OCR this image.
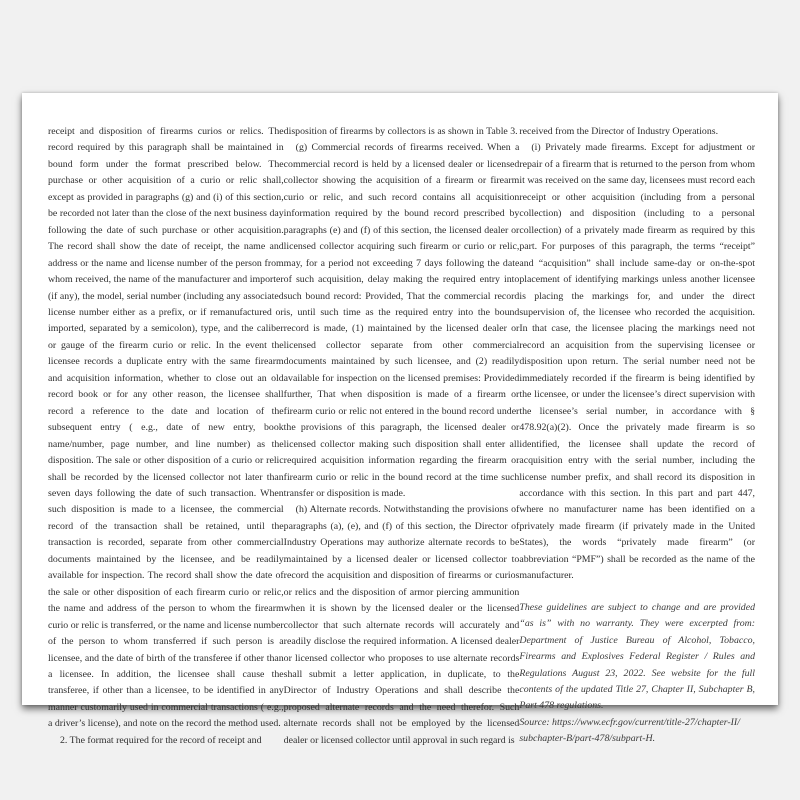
receipt and disposition of firearms curios or relics. The record required by this paragraph shall be maintained in bound form under the format prescribed below. The purchase or other acquisition of a curio or relic shall, except as provided in paragraphs (g) and (i) of this section, be recorded not later than the close of the next business day following the date of such purchase or other acquisition. The record shall show the date of receipt, the name and address or the name and license number of the person from whom received, the name of the manufacturer and importer (if any), the model, serial number (including any associated license number either as a prefix, or if remanufactured or imported, separated by a semicolon), type, and the caliber or gauge of the firearm curio or relic. In the event the licensee records a duplicate entry with the same firearm and acquisition information, whether to close out an old record book or for any other reason, the licensee shall record a reference to the date and location of the subsequent entry ( e.g., date of new entry, book name/number, page number, and line number) as the disposition. The sale or other disposition of a curio or relic shall be recorded by the licensed collector not later than seven days following the date of such transaction. When such disposition is made to a licensee, the commercial record of the transaction shall be retained, until the transaction is recorded, separate from other commercial documents maintained by the licensee, and be readily available for inspection. The record shall show the date of the sale or other disposition of each firearm curio or relic, the name and address of the person to whom the firearm curio or relic is transferred, or the name and license number of the person to whom transferred if such person is a licensee, and the date of birth of the transferee if other than a licensee. In addition, the licensee shall cause the transferee, if other than a licensee, to be identified in any manner customarily used in commercial transactions ( e.g., a driver’s license), and note on the record the method used.

2. The format required for the record of receipt and

disposition of firearms by collectors is as shown in Table 3.

(g) Commercial records of firearms received. When a commercial record is held by a licensed dealer or licensed collector showing the acquisition of a firearm or firearm curio or relic, and such record contains all acquisition information required by the bound record prescribed by paragraphs (e) and (f) of this section, the licensed dealer or licensed collector acquiring such firearm or curio or relic, may, for a period not exceeding 7 days following the date of such acquisition, delay making the required entry into such bound record: Provided, That the commercial record is, until such time as the required entry into the bound record is made, (1) maintained by the licensed dealer or licensed collector separate from other commercial documents maintained by such licensee, and (2) readily available for inspection on the licensed premises: Provided further, That when disposition is made of a firearm or firearm curio or relic not entered in the bound record under the provisions of this paragraph, the licensed dealer or licensed collector making such disposition shall enter all required acquisition information regarding the firearm or firearm curio or relic in the bound record at the time such transfer or disposition is made.

(h) Alternate records. Notwithstanding the provisions of paragraphs (a), (e), and (f) of this section, the Director of Industry Operations may authorize alternate records to be maintained by a licensed dealer or licensed collector to record the acquisition and disposition of firearms or curios or relics and the disposition of armor piercing ammunition when it is shown by the licensed dealer or the licensed collector that such alternate records will accurately and readily disclose the required information. A licensed dealer or licensed collector who proposes to use alternate records shall submit a letter application, in duplicate, to the Director of Industry Operations and shall describe the proposed alternate records and the need therefor. Such alternate records shall not be employed by the licensed dealer or licensed collector until approval in such regard is

received from the Director of Industry Operations.

(i) Privately made firearms. Except for adjustment or repair of a firearm that is returned to the person from whom it was received on the same day, licensees must record each receipt or other acquisition (including from a personal collection) and disposition (including to a personal collection) of a privately made firearm as required by this part. For purposes of this paragraph, the terms “receipt” and “acquisition” shall include same-day or on-the-spot placement of identifying markings unless another licensee is placing the markings for, and under the direct supervision of, the licensee who recorded the acquisition. In that case, the licensee placing the markings need not record an acquisition from the supervising licensee or disposition upon return. The serial number need not be immediately recorded if the firearm is being identified by the licensee, or under the licensee’s direct supervision with the licensee’s serial number, in accordance with § 478.92(a)(2). Once the privately made firearm is so identified, the licensee shall update the record of acquisition entry with the serial number, including the license number prefix, and shall record its disposition in accordance with this section. In this part and part 447, where no manufacturer name has been identified on a privately made firearm (if privately made in the United States), the words “privately made firearm” (or abbreviation “PMF”) shall be recorded as the name of the manufacturer.

These guidelines are subject to change and are provided “as is” with no warranty. They were excerpted from: Department of Justice Bureau of Alcohol, Tobacco, Firearms and Explosives Federal Register / Rules and Regulations August 23, 2022. See website for the full contents of the updated Title 27, Chapter II, Subchapter B, Part 478 regulations.

Source: https://www.ecfr.gov/current/title-27/chapter-II/
subchapter-B/part-478/subpart-H.
